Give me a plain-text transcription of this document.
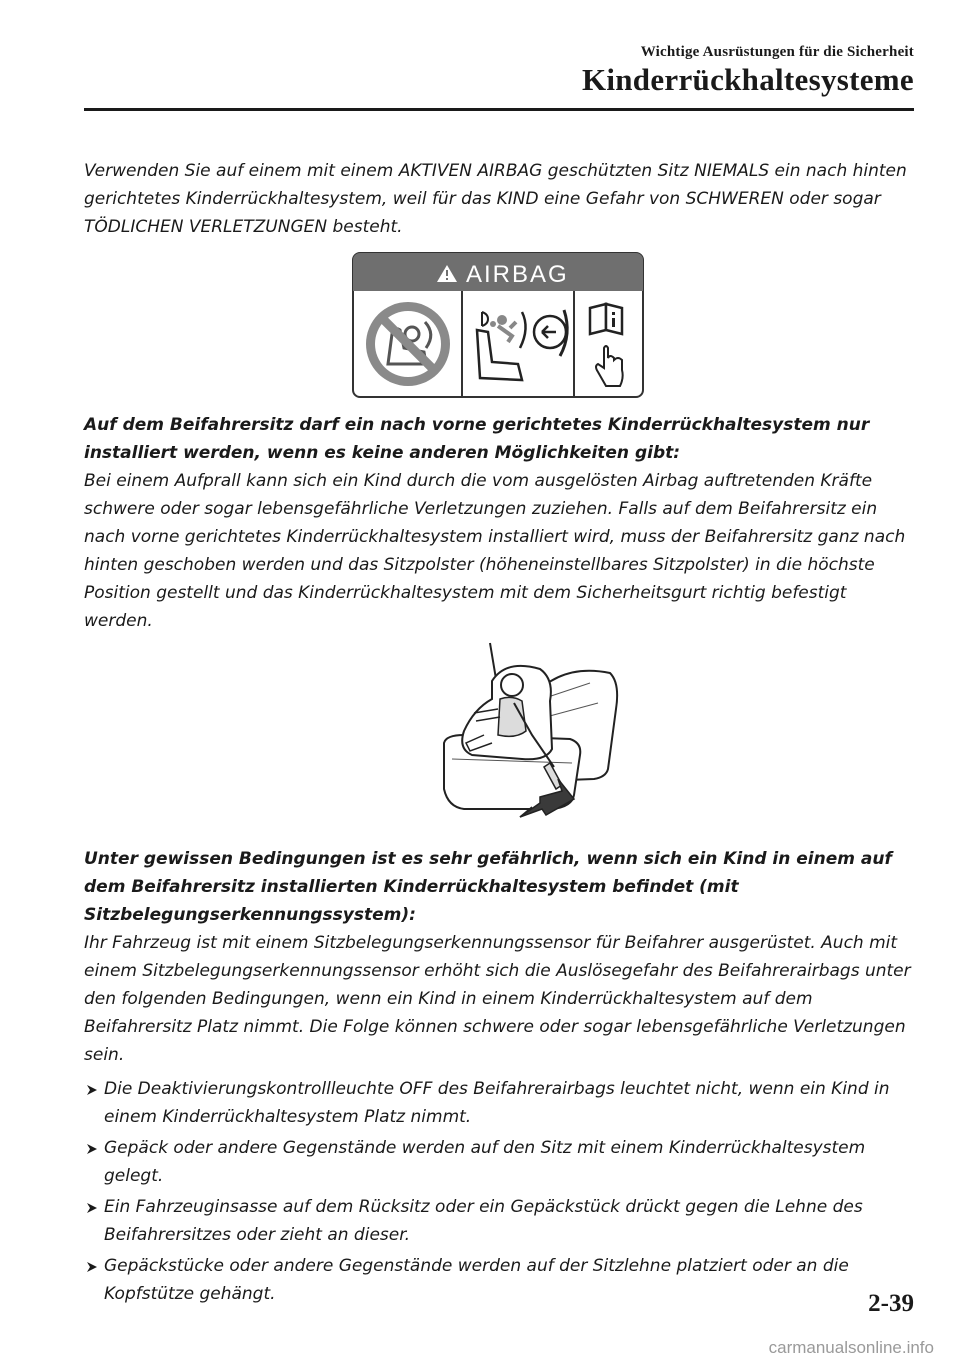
Wichtige Ausrüstungen für die Sicherheit
Kinderrückhaltesysteme

Verwenden Sie auf einem mit einem AKTIVEN AIRBAG geschützten Sitz NIEMALS ein nach hinten gerichtetes Kinderrückhaltesystem, weil für das KIND eine Gefahr von SCHWEREN oder sogar TÖDLICHEN VERLETZUNGEN besteht.

AIRBAG

Auf dem Beifahrersitz darf ein nach vorne gerichtetes Kinderrückhaltesystem nur installiert werden, wenn es keine anderen Möglichkeiten gibt:

Bei einem Aufprall kann sich ein Kind durch die vom ausgelösten Airbag auftretenden Kräfte schwere oder sogar lebensgefährliche Verletzungen zuziehen. Falls auf dem Beifahrersitz ein nach vorne gerichtetes Kinderrückhaltesystem installiert wird, muss der Beifahrersitz ganz nach hinten geschoben werden und das Sitzpolster (höheneinstellbares Sitzpolster) in die höchste Position gestellt und das Kinderrückhaltesystem mit dem Sicherheitsgurt richtig befestigt werden.

Unter gewissen Bedingungen ist es sehr gefährlich, wenn sich ein Kind in einem auf dem Beifahrersitz installierten Kinderrückhaltesystem befindet (mit Sitzbelegungserkennungssystem):

Ihr Fahrzeug ist mit einem Sitzbelegungserkennungssensor für Beifahrer ausgerüstet. Auch mit einem Sitzbelegungserkennungssensor erhöht sich die Auslösegefahr des Beifahrerairbags unter den folgenden Bedingungen, wenn ein Kind in einem Kinderrückhaltesystem auf dem Beifahrersitz Platz nimmt. Die Folge können schwere oder sogar lebensgefährliche Verletzungen sein.

Die Deaktivierungskontrollleuchte OFF des Beifahrerairbags leuchtet nicht, wenn ein Kind in einem Kinderrückhaltesystem Platz nimmt.
Gepäck oder andere Gegenstände werden auf den Sitz mit einem Kinderrückhaltesystem gelegt.
Ein Fahrzeuginsasse auf dem Rücksitz oder ein Gepäckstück drückt gegen die Lehne des Beifahrersitzes oder zieht an dieser.
Gepäckstücke oder andere Gegenstände werden auf der Sitzlehne platziert oder an die Kopfstütze gehängt.	2-39
carmanualsonline.info
